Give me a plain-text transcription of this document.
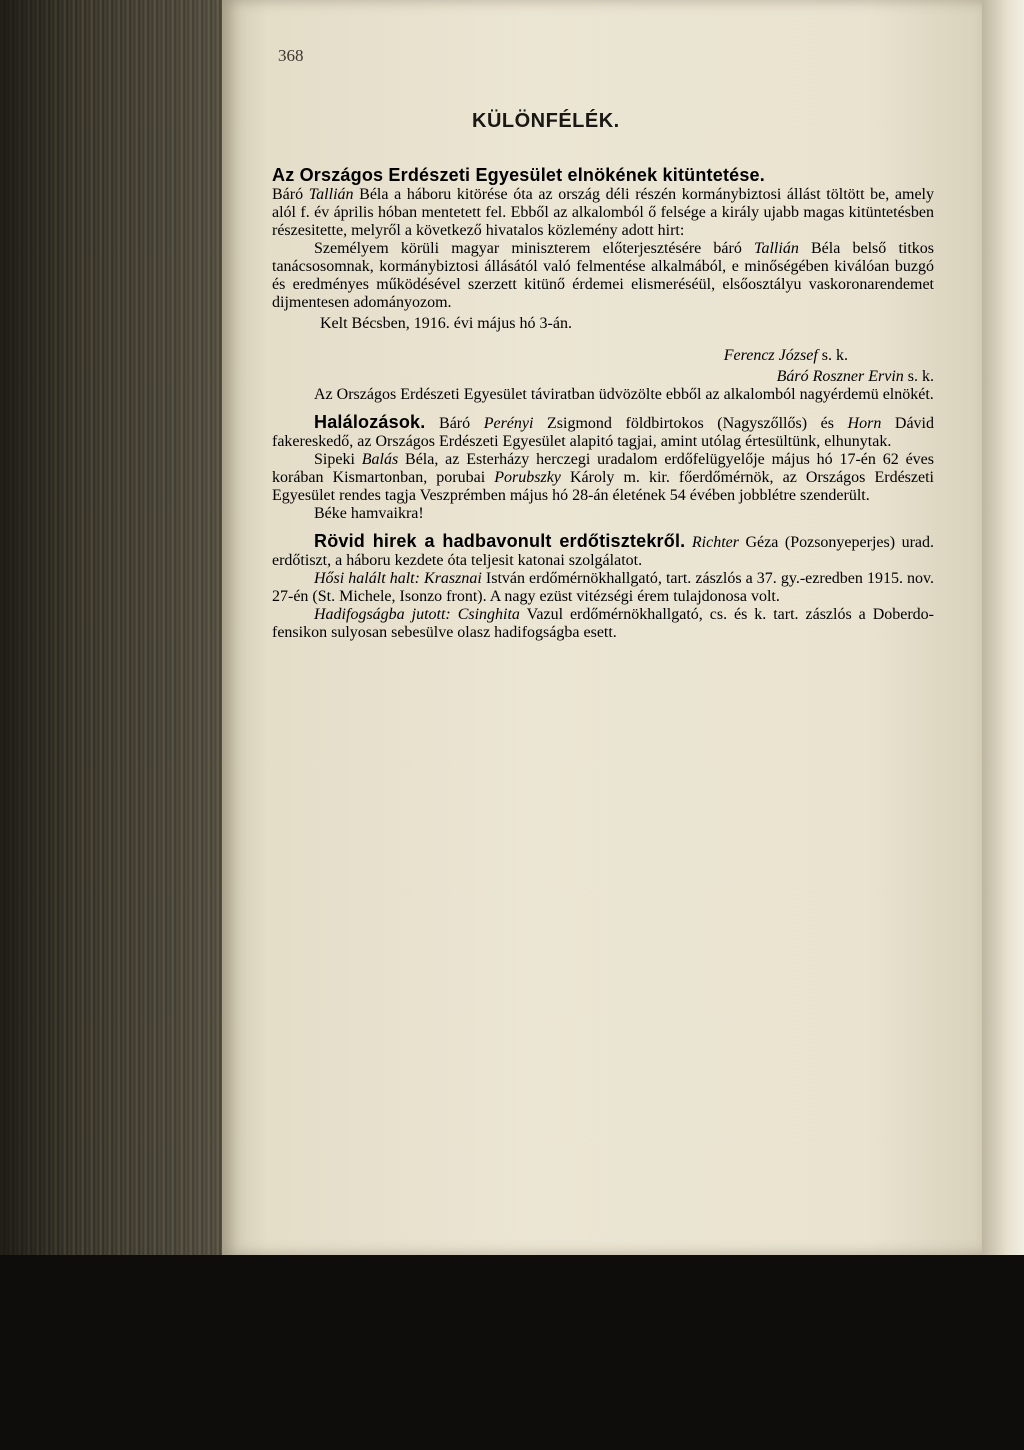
368
KÜLÖNFÉLÉK.

Az Országos Erdészeti Egyesület elnökének kitüntetése.

Báró Tallián Béla a háboru kitörése óta az ország déli részén kormánybiztosi állást töltött be, amely alól f. év április hóban mentetett fel. Ebből az alkalomból ő felsége a király ujabb magas kitüntetésben részesitette, melyről a következő hivatalos közlemény adott hirt:

Személyem körüli magyar miniszterem előterjesztésére báró Tallián Béla belső titkos tanácsosomnak, kormánybiztosi állásától való felmentése alkalmából, e minőségében kiválóan buzgó és eredményes működésével szerzett kitünő érdemei elismeréséül, elsőosztályu vaskoronarendemet dijmentesen adományozom.

Kelt Bécsben, 1916. évi május hó 3-án.

Ferencz József s. k.
Báró Roszner Ervin s. k.

Az Országos Erdészeti Egyesület táviratban üdvözölte ebből az alkalomból nagyérdemü elnökét.

Halálozások. Báró Perényi Zsigmond földbirtokos (Nagyszőllős) és Horn Dávid fakereskedő, az Országos Erdészeti Egyesület alapitó tagjai, amint utólag értesültünk, elhunytak.

Sipeki Balás Béla, az Esterházy herczegi uradalom erdőfelügyelője május hó 17-én 62 éves korában Kismartonban, porubai Porubszky Károly m. kir. főerdőmérnök, az Országos Erdészeti Egyesület rendes tagja Veszprémben május hó 28-án életének 54 évében jobblétre szenderült.

Béke hamvaikra!

Rövid hirek a hadbavonult erdőtisztekről. Richter Géza (Pozsonyeperjes) urad. erdőtiszt, a háboru kezdete óta teljesit katonai szolgálatot.

Hősi halált halt: Krasznai István erdőmérnökhallgató, tart. zászlós a 37. gy.-ezredben 1915. nov. 27-én (St. Michele, Isonzo front). A nagy ezüst vitézségi érem tulajdonosa volt.

Hadifogságba jutott: Csinghita Vazul erdőmérnökhallgató, cs. és k. tart. zászlós a Doberdo-fensikon sulyosan sebesülve olasz hadifogságba esett.
